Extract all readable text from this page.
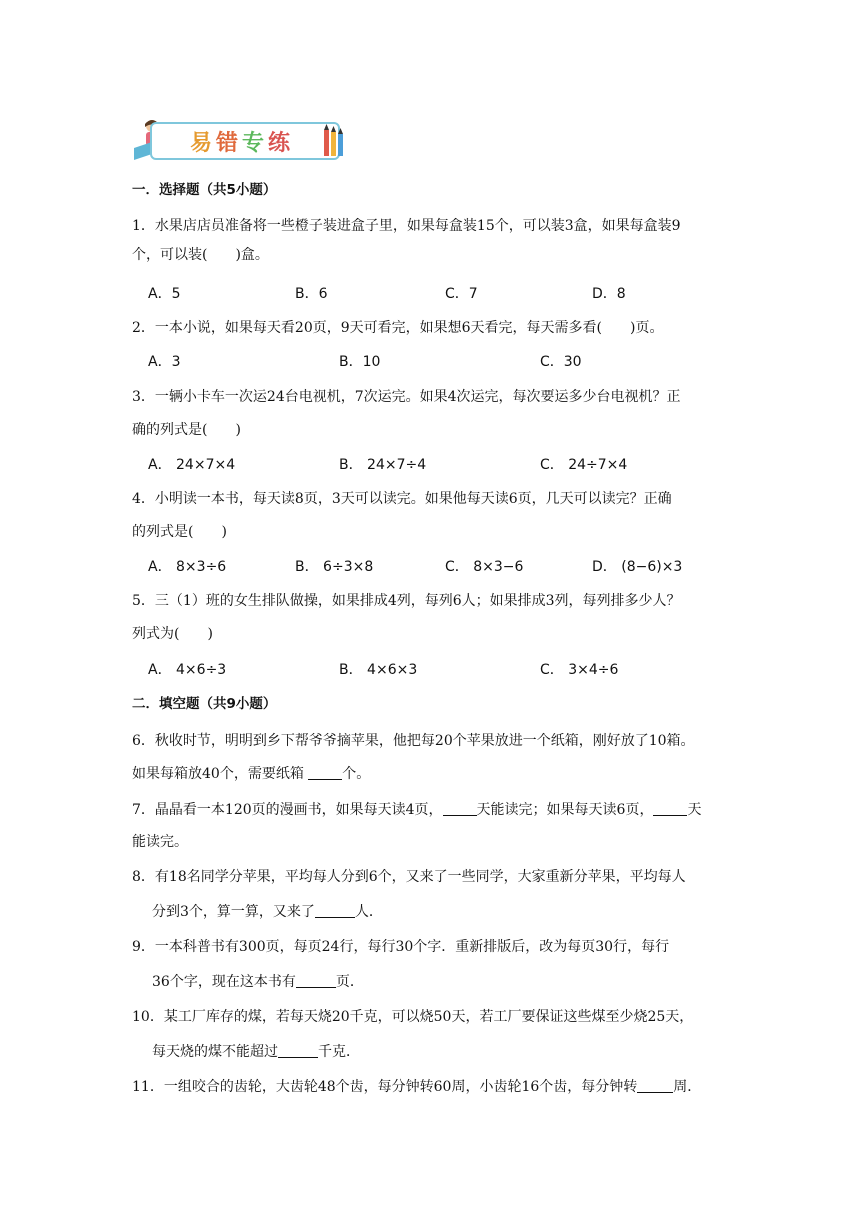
易错专练
一．选择题（共5小题）
1．水果店店员准备将一些橙子装进盒子里，如果每盒装15个，可以装3盒，如果每盒装9
个，可以装(　　)盒。
A．5	B．6	C．7	D．8
2．一本小说，如果每天看20页，9天可看完，如果想6天看完，每天需多看(　　)页。
A．3	B．10	C．30
3．一辆小卡车一次运24台电视机，7次运完。如果4次运完，每次要运多少台电视机？正
确的列式是(　　)
A． 24×7×4	B． 24×7÷4	C． 24÷7×4
4．小明读一本书，每天读8页，3天可以读完。如果他每天读6页，几天可以读完？正确
的列式是(　　)
A． 8×3÷6	B． 6÷3×8	C． 8×3−6	D． (8−6)×3
5．三（1）班的女生排队做操，如果排成4列，每列6人；如果排成3列，每列排多少人？
列式为(　　)
A． 4×6÷3	B． 4×6×3	C． 3×4÷6
二．填空题（共9小题）
6．秋收时节，明明到乡下帮爷爷摘苹果，他把每20个苹果放进一个纸箱，刚好放了10箱。
如果每箱放40个，需要纸箱 个。
7．晶晶看一本120页的漫画书，如果每天读4页， 天能读完；如果每天读6页， 天
能读完。
8．有18名同学分苹果，平均每人分到6个，又来了一些同学，大家重新分苹果，平均每人
分到3个，算一算，又来了	人．
9．一本科普书有300页，每页24行，每行30个字．重新排版后，改为每页30行，每行
36个字，现在这本书有	页．
10．某工厂库存的煤，若每天烧20千克，可以烧50天，若工厂要保证这些煤至少烧25天，
每天烧的煤不能超过	千克．
11．一组咬合的齿轮，大齿轮48个齿，每分钟转60周，小齿轮16个齿，每分钟转	周．
